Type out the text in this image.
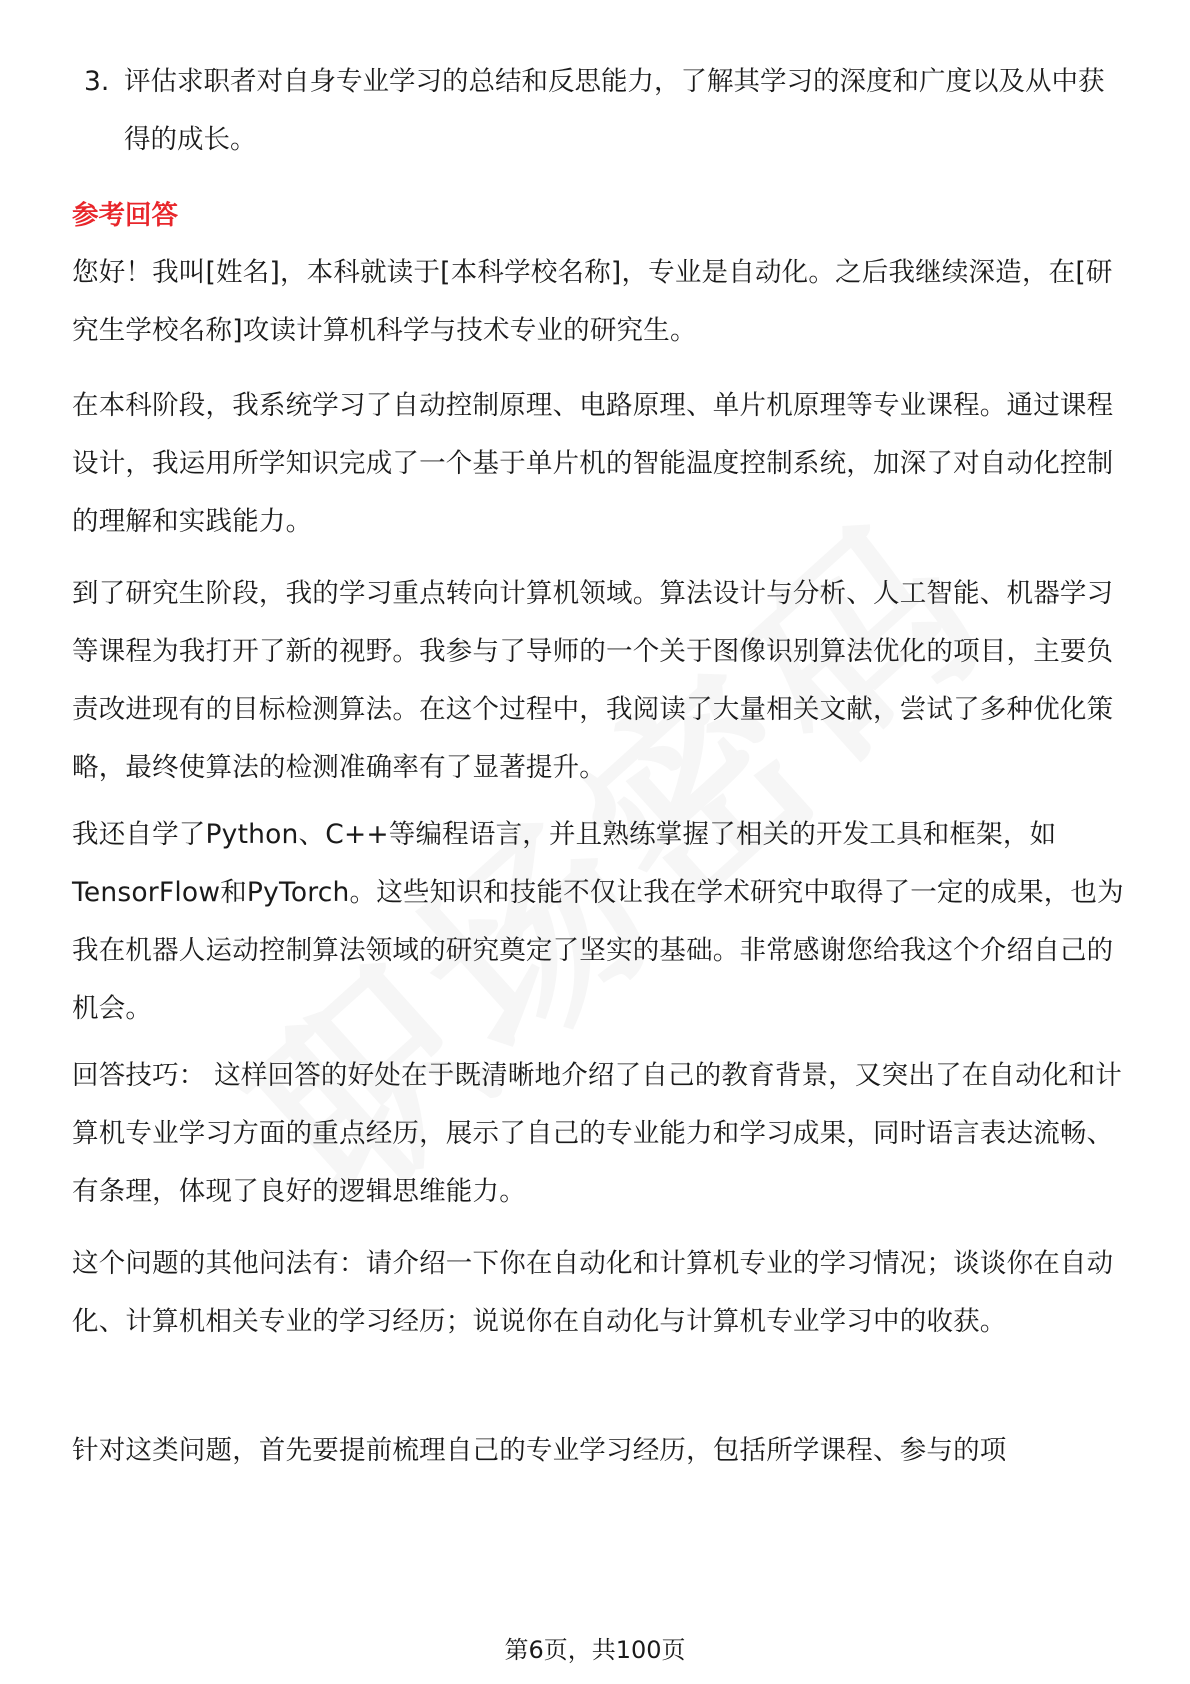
3. 评估求职者对自身专业学习的总结和反思能力，了解其学习的深度和广度以及从中获得的成长。
参考回答
您好！我叫[姓名]，本科就读于[本科学校名称]，专业是自动化。之后我继续深造，在[研究生学校名称]攻读计算机科学与技术专业的研究生。
在本科阶段，我系统学习了自动控制原理、电路原理、单片机原理等专业课程。通过课程设计，我运用所学知识完成了一个基于单片机的智能温度控制系统，加深了对自动化控制的理解和实践能力。
到了研究生阶段，我的学习重点转向计算机领域。算法设计与分析、人工智能、机器学习等课程为我打开了新的视野。我参与了导师的一个关于图像识别算法优化的项目，主要负责改进现有的目标检测算法。在这个过程中，我阅读了大量相关文献，尝试了多种优化策略，最终使算法的检测准确率有了显著提升。
我还自学了Python、C++等编程语言，并且熟练掌握了相关的开发工具和框架，如TensorFlow和PyTorch。这些知识和技能不仅让我在学术研究中取得了一定的成果，也为我在机器人运动控制算法领域的研究奠定了坚实的基础。非常感谢您给我这个介绍自己的机会。
回答技巧： 这样回答的好处在于既清晰地介绍了自己的教育背景，又突出了在自动化和计算机专业学习方面的重点经历，展示了自己的专业能力和学习成果，同时语言表达流畅、有条理，体现了良好的逻辑思维能力。
这个问题的其他问法有：请介绍一下你在自动化和计算机专业的学习情况；谈谈你在自动化、计算机相关专业的学习经历；说说你在自动化与计算机专业学习中的收获。
针对这类问题，首先要提前梳理自己的专业学习经历，包括所学课程、参与的项
第6页，共100页
